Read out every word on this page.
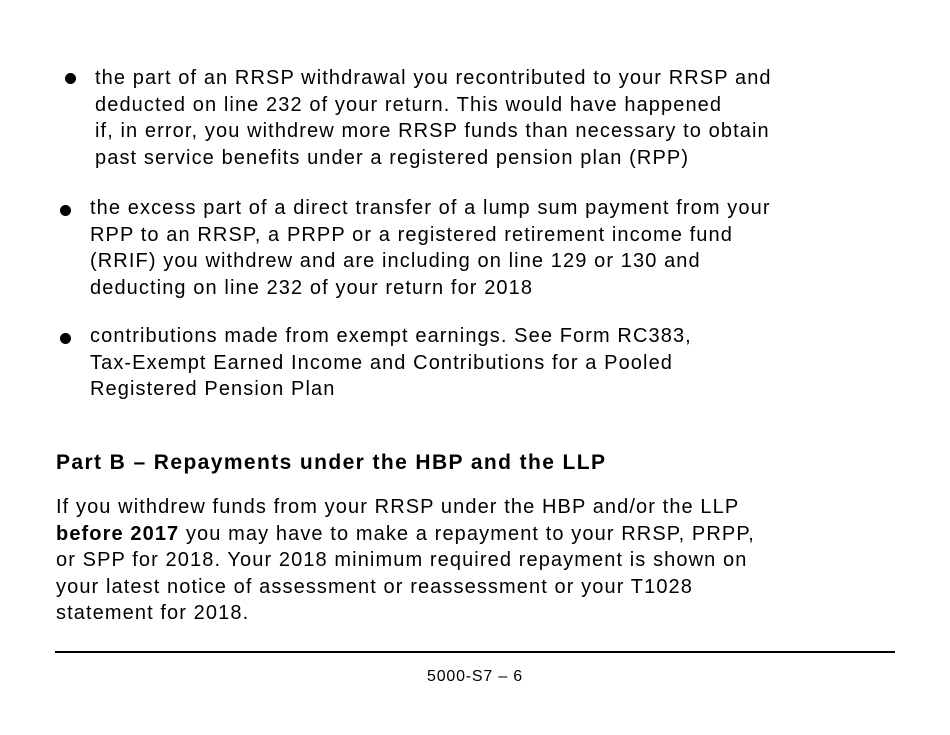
the part of an RRSP withdrawal you recontributed to your RRSP and
deducted on line 232 of your return. This would have happened
if, in error, you withdrew more RRSP funds than necessary to obtain
past service benefits under a registered pension plan (RPP)
the excess part of a direct transfer of a lump sum payment from your
RPP to an RRSP, a PRPP or a registered retirement income fund
(RRIF) you withdrew and are including on line 129 or 130 and
deducting on line 232 of your return for 2018
contributions made from exempt earnings. See Form RC383,
Tax-Exempt Earned Income and Contributions for a Pooled
Registered Pension Plan
Part B – Repayments under the HBP and the LLP

If you withdrew funds from your RRSP under the HBP and/or the LLP
before 2017 you may have to make a repayment to your RRSP, PRPP,
or SPP for 2018. Your 2018 minimum required repayment is shown on
your latest notice of assessment or reassessment or your T1028
statement for 2018.

5000-S7 – 6
